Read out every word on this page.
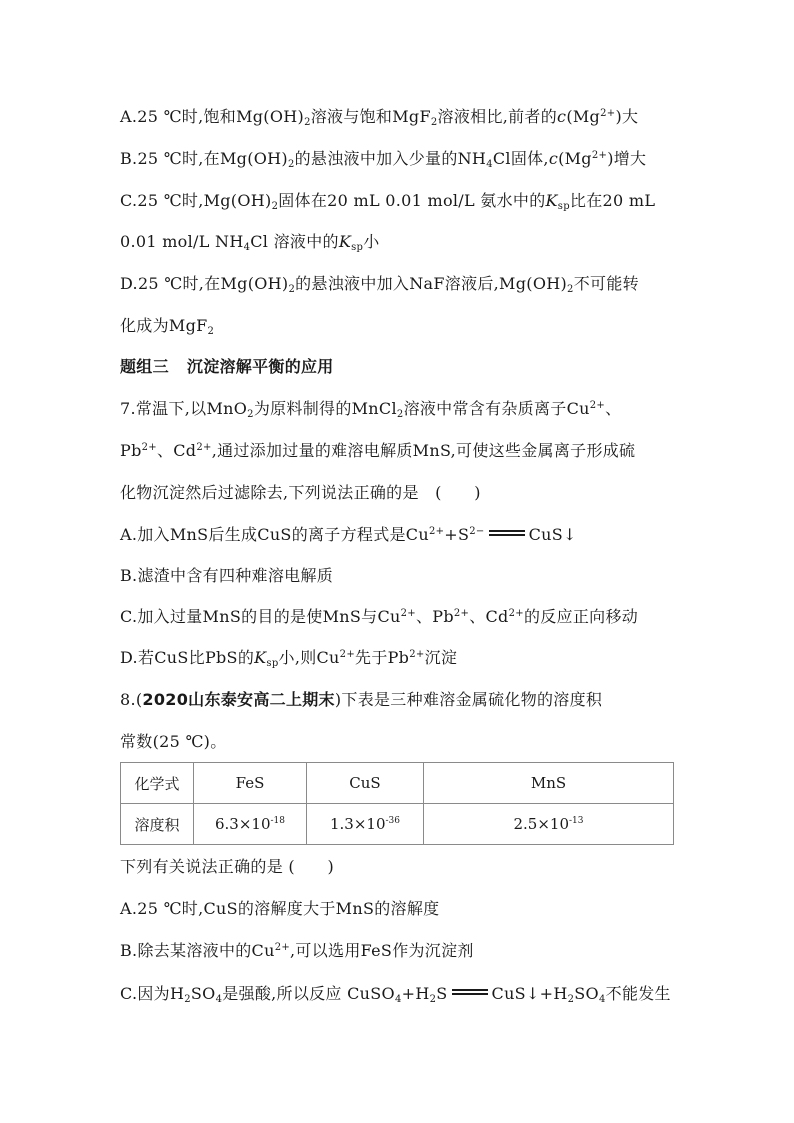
A.25 ℃时,饱和$Mg(OH)_2$溶液与饱和MgF$_2$溶液相比,前者的$c(Mg^{2+})$大
B.25 ℃时,在$Mg(OH)_2$的悬浊液中加入少量的$NH_4Cl$固体$,c(Mg^{2+})$增大
C.25 ℃时$,Mg(OH)_2$固体在20 mL 0.01 mol/L 氨水中的$K_{sp}$比在20 mL
0.01 mol/L $NH_4Cl$ 溶液中的$K_{sp}$小
D.25 ℃时,在$Mg(OH)_2$的悬浊液中加入NaF溶液后$,Mg(OH)_2$不可能转
化成为MgF$_2$
题组三 沉淀溶解平衡的应用
7.常温下,以MnO$_2$为原料制得的MnCl$_2$溶液中常含有杂质离子$Cu^{2+}$、
$Pb^{2+}$、$Cd^{2+}$,通过添加过量的难溶电解质MnS,可使这些金属离子形成硫
化物沉淀然后过滤除去,下列说法正确的是　(　　)
A.加入MnS后生成CuS的离子方程式是$Cu^{2+}+S^{2-}$	CuS↓
B.滤渣中含有四种难溶电解质
C.加入过量MnS的目的是使MnS与$Cu^{2+}$、$Pb^{2+}$、$Cd^{2+}$的反应正向移动
D.若CuS比PbS的$K_{sp}$小,则$Cu^{2+}$先于$Pb^{2+}$沉淀
8.(2020山东泰安高二上期末)下表是三种难溶金属硫化物的溶度积
常数(25 ℃)。
化学式	FeS	CuS	MnS
溶度积	$6.3\times 10^{-18}$	$1.3\times 10^{-36}$	$2.5\times 10^{-13}$
下列有关说法正确的是 (　　)
A.25 ℃时,CuS的溶解度大于MnS的溶解度
B.除去某溶液中的$Cu^{2+}$,可以选用FeS作为沉淀剂
C.因为$H_2SO_4$是强酸,所以反应 $CuSO_4+H_2S$	$CuS↓+H_2SO_4$不能发生
